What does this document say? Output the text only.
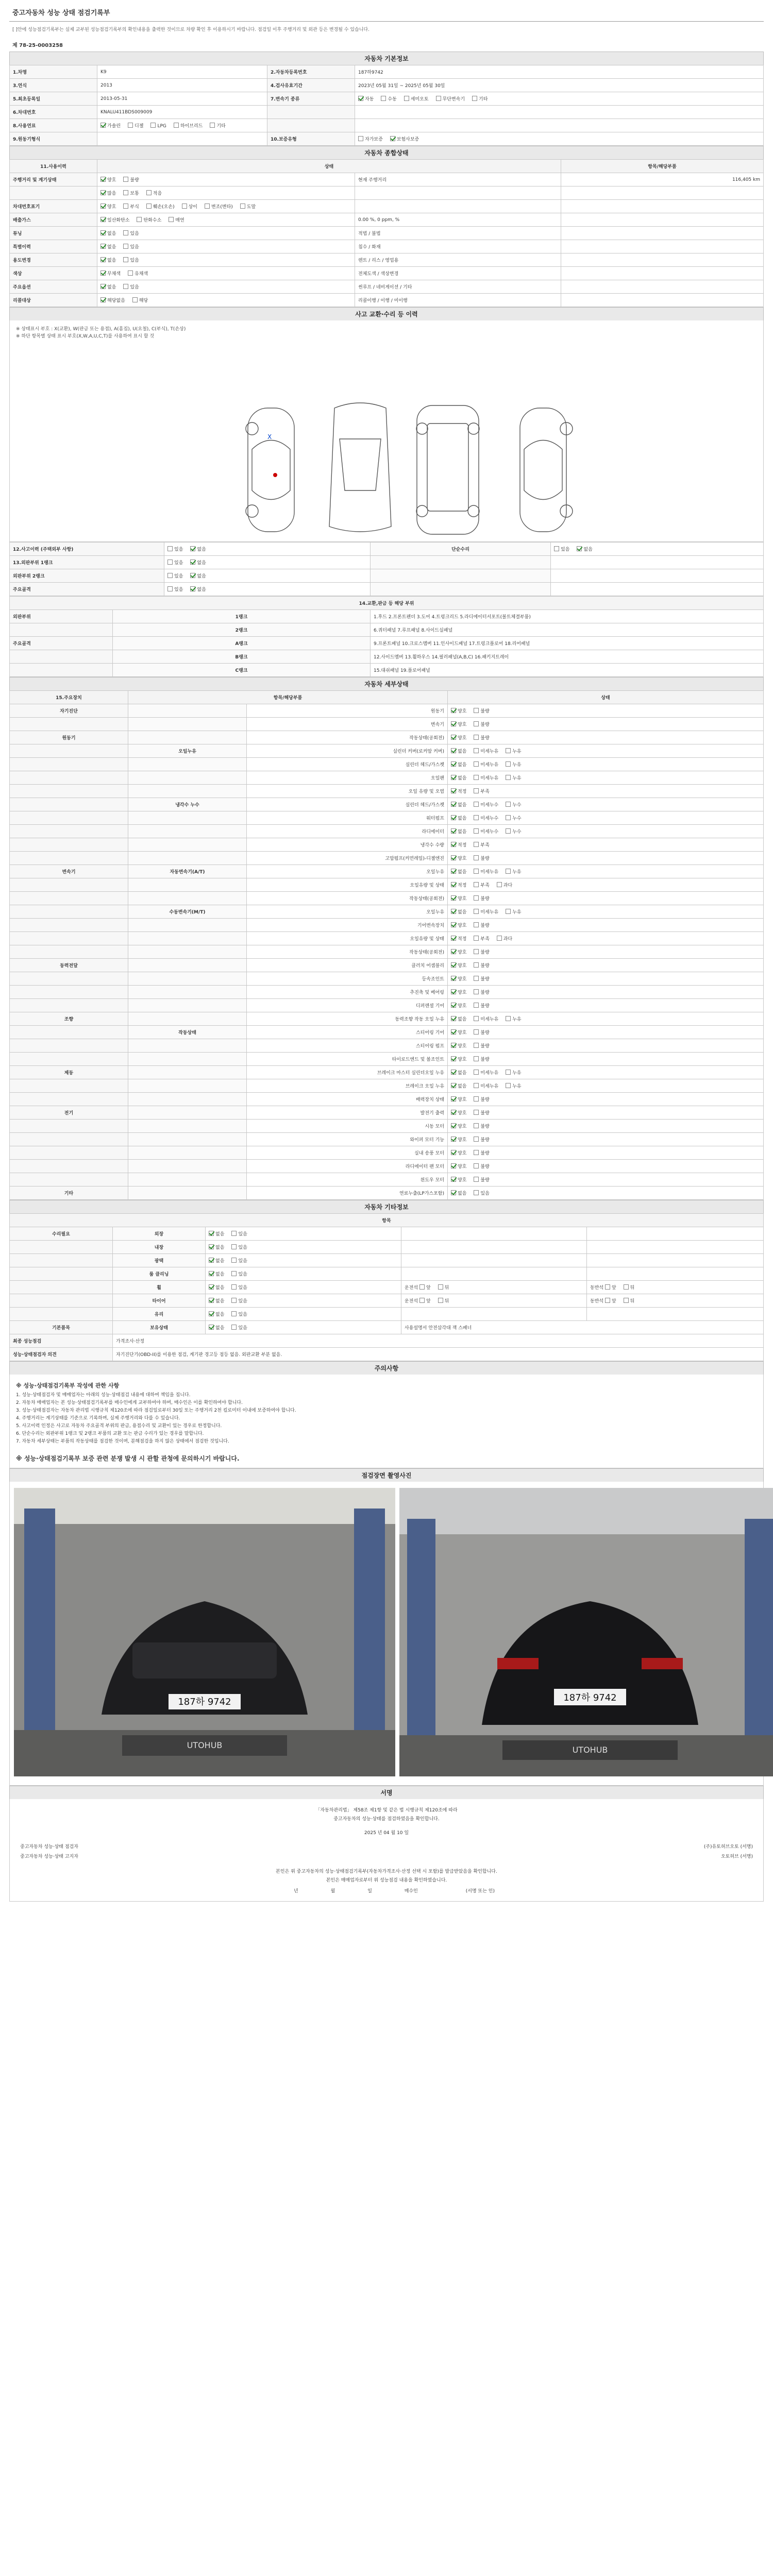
중고자동차 성능 상태 점검기록부
[ ]안에 성능점검기록부는 실제 교부된 성능점검기록부의 확인내용을 출력한 것이므로 차량 확인 후 이용하시기 바랍니다. 점검일 이후 주행거리 및 외관 등은 변경될 수 있습니다.
제 78-25-0003258
자동차 기본정보
1.차명	K9	2.자동차등록번호	187하9742
3.연식	2013	4.검사유효기간	2023년 05월 31일 ~ 2025년 05월 30일
5.최초등록일	2013-05-31	7.변속기 종류	자동 수동 세미오토 무단변속기 기타
6.차대번호	KNALU411BDS009009		
8.사용연료	가솔린 디젤 LPG 하이브리드 기타		
9.원동기형식		10.보증유형	자가보증 보험사보증
자동차 종합상태
11.사용이력	상태		항목/해당부품
주행거리 및 계기상태	양호 불량	현재 주행거리	116,405 km
	많음 보통 적음		
차대번호표기	양호 부식 훼손(오손) 상이 변조(변타) 도말		
배출가스	일산화탄소 탄화수소 매연	0.00 %, 0 ppm, %	
튜닝	없음 있음	적법 / 불법	
특별이력	없음 있음	침수 / 화재	
용도변경	없음 있음	렌트 / 리스 / 영업용	
색상	무채색 유채색	전체도색 / 색상변경	
주요옵션	없음 있음	썬루프 / 네비게이션 / 기타	
리콜대상	해당없음 해당	리콜이행 / 이행 / 미이행	
사고 교환·수리 등 이력
※ 상태표시 부호 : X(교환), W(판금 또는 용접), A(흠집), U(요철), C(부식), T(손상)
※ 하단 항목별 상태 표시 부호(X,W,A,U,C,T)를 사용하여 표시 할 것
X
12.사고이력 (주택외부 사항)	있음 없음	단순수리	있음 없음
13.외판부위 1랭크	있음 없음		
외판부위 2랭크	있음 없음		
주요골격	있음 없음		
14.교환,판금 등 해당 부위		
외판부위	1랭크	1.후드 2.프론트펜더 3.도어 4.트렁크리드 5.라디에이터서포트(볼트체결부품)
	2랭크	6.쿼터패널 7.루프패널 8.사이드실패널
주요골격	A랭크	9.프론트패널 10.크로스멤버 11.인사이드패널 17.트렁크플로어 18.리어패널
	B랭크	12.사이드멤버 13.휠하우스 14.필러패널(A,B,C) 16.패키지트레이
	C랭크	15.대쉬패널 19.플로어패널
자동차 세부상태
15.주요장치	항목/해당부품		상태
자기진단		원동기	양호 불량
		변속기	양호 불량
원동기		작동상태(공회전)	양호 불량
	오일누유	실린더 커버(로커암 커버)	없음 미세누유 누유
		실린더 헤드/가스켓	없음 미세누유 누유
		오일팬	없음 미세누유 누유
		오일 유량 및 오염	적정 부족
	냉각수 누수	실린더 헤드/가스켓	없음 미세누수 누수
		워터펌프	없음 미세누수 누수
		라디에이터	없음 미세누수 누수
		냉각수 수량	적정 부족
		고압펌프(커먼레일)-디젤엔진	양호 불량
변속기	자동변속기(A/T)	오일누유	없음 미세누유 누유
		오일유량 및 상태	적정 부족 과다
		작동상태(공회전)	양호 불량
	수동변속기(M/T)	오일누유	없음 미세누유 누유
		기어변속장치	양호 불량
		오일유량 및 상태	적정 부족 과다
		작동상태(공회전)	양호 불량
동력전달		클러치 어셈블리	양호 불량
		등속조인트	양호 불량
		추진축 및 베어링	양호 불량
		디퍼렌셜 기어	양호 불량
조향		동력조향 작동 오일 누유	없음 미세누유 누유
	작동상태	스티어링 기어	양호 불량
		스티어링 펌프	양호 불량
		타이로드엔드 및 볼조인트	양호 불량
제동		브레이크 마스터 실린더오일 누유	없음 미세누유 누유
		브레이크 오일 누유	없음 미세누유 누유
		배력장치 상태	양호 불량
전기		발전기 출력	양호 불량
		시동 모터	양호 불량
		와이퍼 모터 기능	양호 불량
		실내 송풍 모터	양호 불량
		라디에이터 팬 모터	양호 불량
		윈도우 모터	양호 불량
기타		연료누출(LP가스포함)	없음 있음
자동차 기타정보
항목				
수리필요	외장	없음 있음		
	내장	없음 있음		
	광택	없음 있음		
	룸 클리닝	없음 있음		
	휠	없음 있음	운전석 앞 뒤	동반석 앞 뒤
	타이어	없음 있음	운전석 앞 뒤	동반석 앞 뒤
	유리	없음 있음		
기본품목	보유상태	없음 있음	사용설명서 안전삼각대 잭 스패너	
최종 성능점검	가격조사·산정			
성능·상태점검자 의견	자기진단기(OBD-II)를 이용한 점검, 계기판 경고등 점등 없음. 외판교환 부분 없음.			
주의사항
※ 성능·상태점검기록부 작성에 관한 사항
1. 성능·상태점검자 및 매매업자는 아래의 성능·상태점검 내용에 대하여 책임을 집니다.
2. 자동차 매매업자는 본 성능·상태점검기록부를 매수인에게 교부하여야 하며, 매수인은 이를 확인하여야 합니다.
3. 성능·상태점검자는 자동차 관리법 시행규칙 제120조에 따라 점검일로부터 30일 또는 주행거리 2천 킬로미터 이내에 보증하여야 합니다.
4. 주행거리는 계기상태를 기준으로 기록하며, 실제 주행거리와 다를 수 있습니다.
5. 사고이력 인정은 사고로 자동차 주요골격 부위의 판금, 용접수리 및 교환이 있는 경우로 한정합니다.
6. 단순수리는 외판부위 1랭크 및 2랭크 부품의 교환 또는 판금 수리가 있는 경우를 말합니다.
7. 자동차 세부상태는 부품의 작동상태를 점검한 것이며, 분해점검을 하지 않은 상태에서 점검한 것입니다.
※ 성능·상태점검기록부 보증 관련 분쟁 발생 시 관할 관청에 문의하시기 바랍니다.
점검장면 촬영사진
187하 9742
UTOHUB
187하 9742
UTOHUB
서명
「자동차관리법」 제58조 제1항 및 같은 법 시행규칙 제120조에 따라
중고자동차의 성능·상태를 점검하였음을 확인합니다.
2025 년 04 월 10 일
중고자동차 성능·상태 점검자	(주)유토허브오토 (서명)
중고자동차 성능·상태 고지자	오토허브 (서명)
본인은 위 중고자동차의 성능·상태점검기록부(자동차가격조사·산정 선택 시 포함)를 발급받았음을 확인합니다.
본인은 매매업자로부터 위 성능점검 내용을 확인하였습니다.
년	월	일	매수인	(서명 또는 인)
